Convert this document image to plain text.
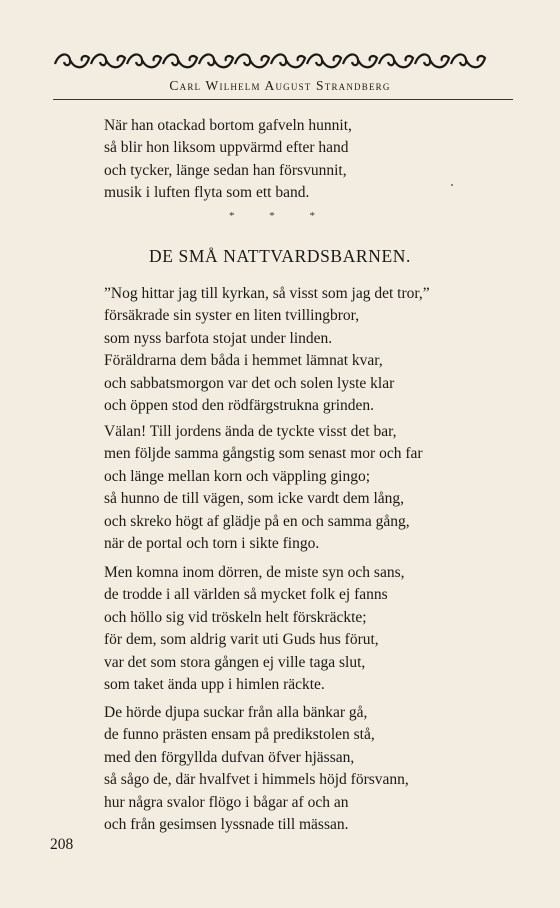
Carl Wilhelm August Strandberg
När han otackad bortom gafveln hunnit,
så blir hon liksom uppvärmd efter hand
och tycker, länge sedan han försvunnit,
musik i luften flyta som ett band.
* * *
DE SMÅ NATTVARDSBARNEN.
”Nog hittar jag till kyrkan, så visst som jag det tror,”
försäkrade sin syster en liten tvillingbror,
som nyss barfota stojat under linden.
Föräldrarna dem båda i hemmet lämnat kvar,
och sabbatsmorgon var det och solen lyste klar
och öppen stod den rödfärgstrukna grinden.
Välan! Till jordens ända de tyckte visst det bar,
men följde samma gångstig som senast mor och far
och länge mellan korn och väppling gingo;
så hunno de till vägen, som icke vardt dem lång,
och skreko högt af glädje på en och samma gång,
när de portal och torn i sikte fingo.
Men komna inom dörren, de miste syn och sans,
de trodde i all världen så mycket folk ej fanns
och höllo sig vid tröskeln helt förskräckte;
för dem, som aldrig varit uti Guds hus förut,
var det som stora gången ej ville taga slut,
som taket ända upp i himlen räckte.
De hörde djupa suckar från alla bänkar gå,
de funno prästen ensam på predikstolen stå,
med den förgyllda dufvan öfver hjässan,
så sågo de, där hvalfvet i himmels höjd försvann,
hur några svalor flögo i bågar af och an
och från gesimsen lyssnade till mässan.
208
